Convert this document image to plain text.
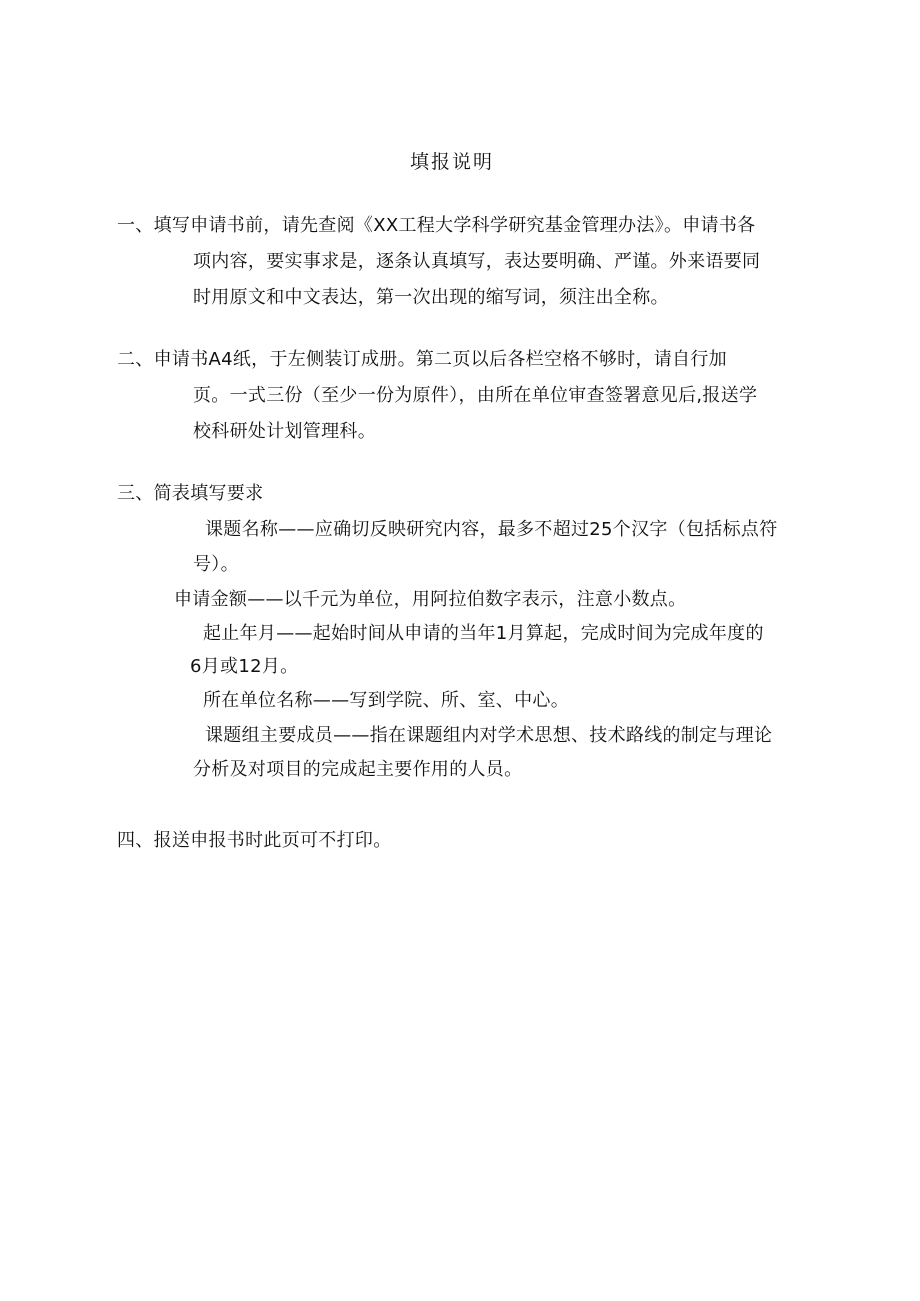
填报说明
一、填写申请书前，请先查阅《XX工程大学科学研究基金管理办法》。申请书各
项内容，要实事求是，逐条认真填写，表达要明确、严谨。外来语要同
时用原文和中文表达，第一次出现的缩写词，须注出全称。
二、申请书A4纸，于左侧装订成册。第二页以后各栏空格不够时，请自行加
页。一式三份（至少一份为原件），由所在单位审查签署意见后,报送学
校科研处计划管理科。
三、简表填写要求
课题名称——应确切反映研究内容，最多不超过25个汉字（包括标点符
号）。
申请金额——以千元为单位，用阿拉伯数字表示，注意小数点。
起止年月——起始时间从申请的当年1月算起，完成时间为完成年度的
6月或12月。
所在单位名称——写到学院、所、室、中心。
课题组主要成员——指在课题组内对学术思想、技术路线的制定与理论
分析及对项目的完成起主要作用的人员。
四、报送申报书时此页可不打印。
